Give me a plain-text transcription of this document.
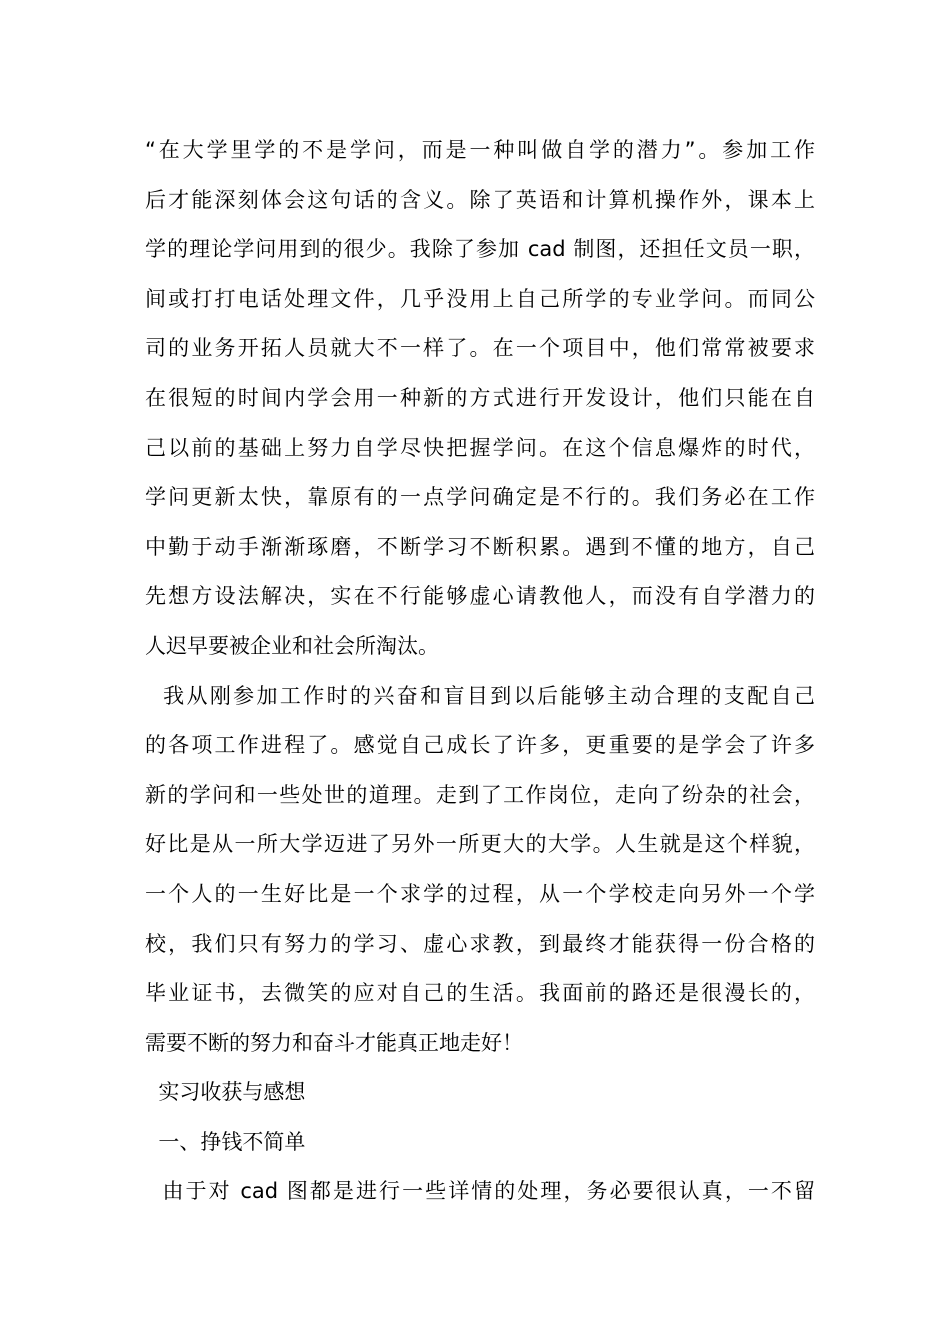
“在大学里学的不是学问，而是一种叫做自学的潜力”。参加工作
后才能深刻体会这句话的含义。除了英语和计算机操作外，课本上
学的理论学问用到的很少。我除了参加 cad 制图，还担任文员一职，
间或打打电话处理文件，几乎没用上自己所学的专业学问。而同公
司的业务开拓人员就大不一样了。在一个项目中，他们常常被要求
在很短的时间内学会用一种新的方式进行开发设计，他们只能在自
己以前的基础上努力自学尽快把握学问。在这个信息爆炸的时代，
学问更新太快，靠原有的一点学问确定是不行的。我们务必在工作
中勤于动手渐渐琢磨，不断学习不断积累。遇到不懂的地方，自己
先想方设法解决，实在不行能够虚心请教他人，而没有自学潜力的
人迟早要被企业和社会所淘汰。
我从刚参加工作时的兴奋和盲目到以后能够主动合理的支配自己
的各项工作进程了。感觉自己成长了许多，更重要的是学会了许多
新的学问和一些处世的道理。走到了工作岗位，走向了纷杂的社会，
好比是从一所大学迈进了另外一所更大的大学。人生就是这个样貌，
一个人的一生好比是一个求学的过程，从一个学校走向另外一个学
校，我们只有努力的学习、虚心求教，到最终才能获得一份合格的
毕业证书，去微笑的应对自己的生活。我面前的路还是很漫长的，
需要不断的努力和奋斗才能真正地走好！
实习收获与感想
一、挣钱不简单
由于对 cad 图都是进行一些详情的处理，务必要很认真，一不留
